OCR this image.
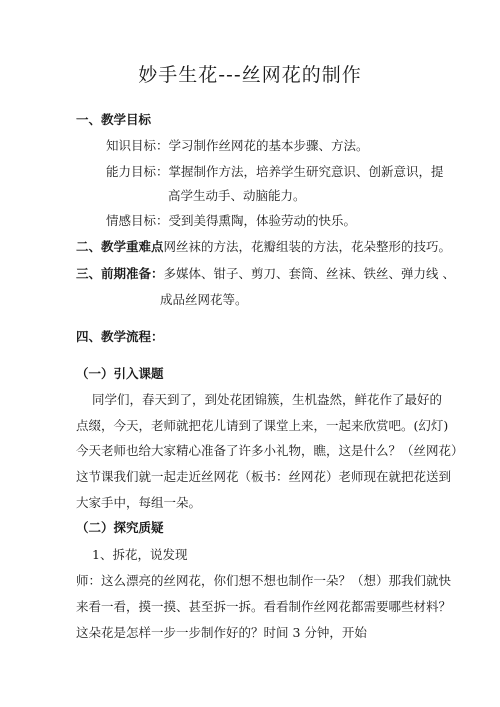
妙手生花---丝网花的制作
一、教学目标
知识目标：学习制作丝网花的基本步骤、方法。
能力目标：掌握制作方法，培养学生研究意识、创新意识，提
高学生动手、动脑能力。
情感目标：受到美得熏陶，体验劳动的快乐。
二、教学重难点网丝袜的方法，花瓣组装的方法，花朵整形的技巧。
三、前期准备：多媒体、钳子、剪刀、套筒、丝袜、铁丝、弹力线 、
成品丝网花等。
四、教学流程：
（一）引入课题
同学们，春天到了，到处花团锦簇，生机盎然，鲜花作了最好的
点缀，今天，老师就把花儿请到了课堂上来，一起来欣赏吧。(幻灯)
今天老师也给大家精心准备了许多小礼物，瞧，这是什么？（丝网花）
这节课我们就一起走近丝网花（板书：丝网花）老师现在就把花送到
大家手中，每组一朵。
（二）探究质疑
1、拆花，说发现
师：这么漂亮的丝网花，你们想不想也制作一朵？（想）那我们就快
来看一看，摸一摸、甚至拆一拆。看看制作丝网花都需要哪些材料？
这朵花是怎样一步一步制作好的？时间 3 分钟，开始
